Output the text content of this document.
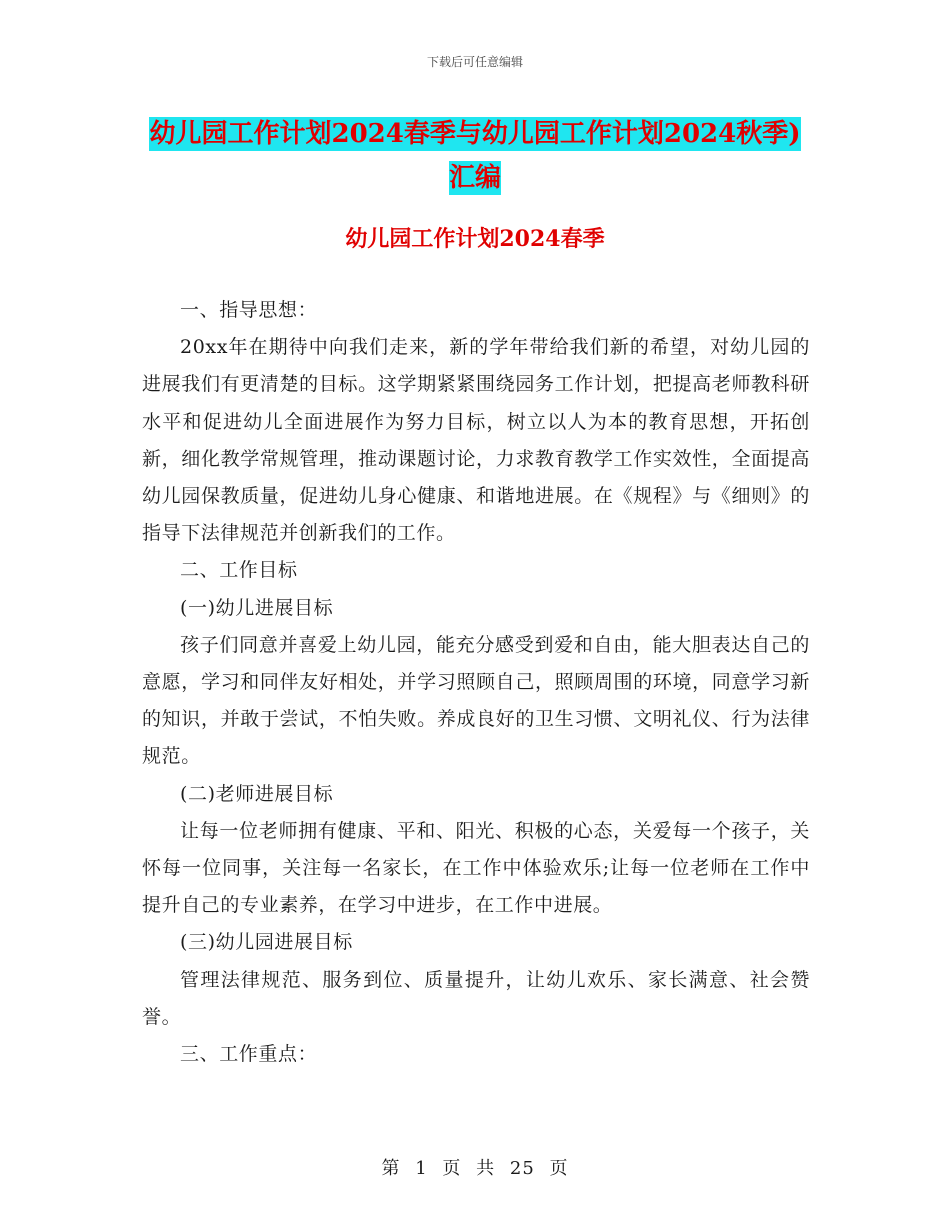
下载后可任意编辑
幼儿园工作计划2024春季与幼儿园工作计划2024秋季)汇编
幼儿园工作计划2024春季

一、指导思想：

20xx年在期待中向我们走来，新的学年带给我们新的希望，对幼儿园的进展我们有更清楚的目标。这学期紧紧围绕园务工作计划，把提高老师教科研水平和促进幼儿全面进展作为努力目标，树立以人为本的教育思想，开拓创新，细化教学常规管理，推动课题讨论，力求教育教学工作实效性，全面提高幼儿园保教质量，促进幼儿身心健康、和谐地进展。在《规程》与《细则》的指导下法律规范并创新我们的工作。

二、工作目标

(一)幼儿进展目标

孩子们同意并喜爱上幼儿园，能充分感受到爱和自由，能大胆表达自己的意愿，学习和同伴友好相处，并学习照顾自己，照顾周围的环境，同意学习新的知识，并敢于尝试，不怕失败。养成良好的卫生习惯、文明礼仪、行为法律规范。

(二)老师进展目标

让每一位老师拥有健康、平和、阳光、积极的心态，关爱每一个孩子，关怀每一位同事，关注每一名家长，在工作中体验欢乐;让每一位老师在工作中提升自己的专业素养，在学习中进步，在工作中进展。

(三)幼儿园进展目标

管理法律规范、服务到位、质量提升，让幼儿欢乐、家长满意、社会赞誉。

三、工作重点：

第 1 页 共 25 页
